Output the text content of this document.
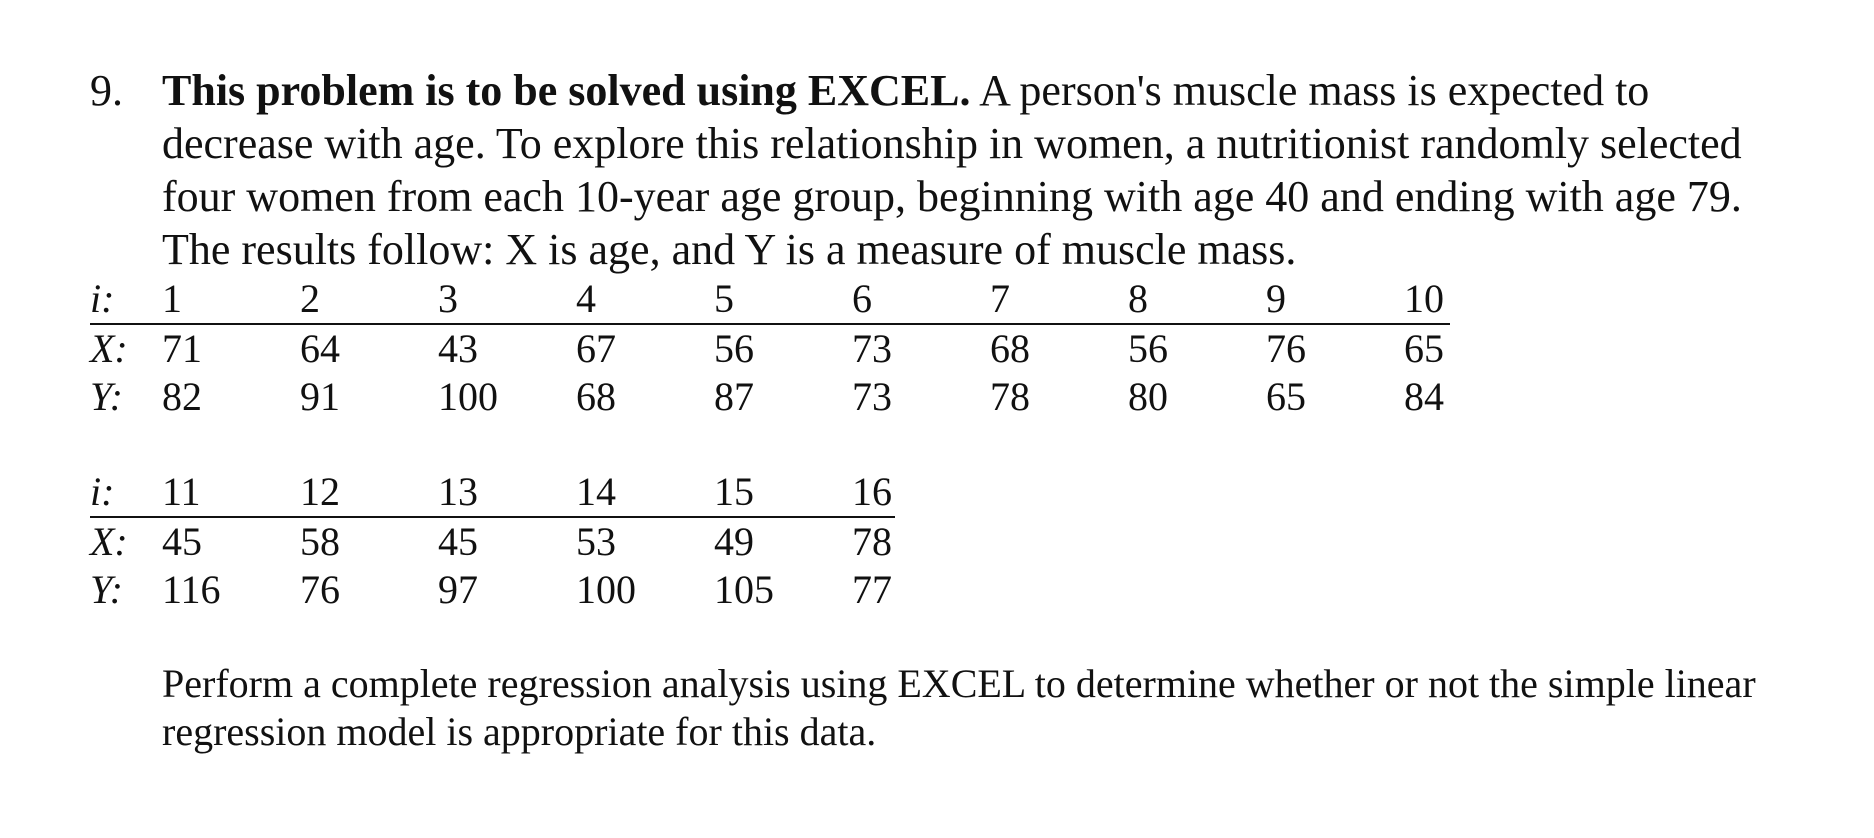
9. This problem is to be solved using EXCEL. A person's muscle mass is expected to decrease with age. To explore this relationship in women, a nutritionist randomly selected four women from each 10-year age group, beginning with age 40 and ending with age 79. The results follow: X is age, and Y is a measure of muscle mass.
i: 1	2	3	4	5	6	7	8	9	10
X: 71 64 43 67 56 73 68 56 76 65
Y: 82 91 100 68 87 73 78 80 65 84
i: 11 12 13 14 15 16
X: 45 58 45 53 49 78
Y: 116 76 97 100 105 77
Perform a complete regression analysis using EXCEL to determine whether or not the simple linear regression model is appropriate for this data.
